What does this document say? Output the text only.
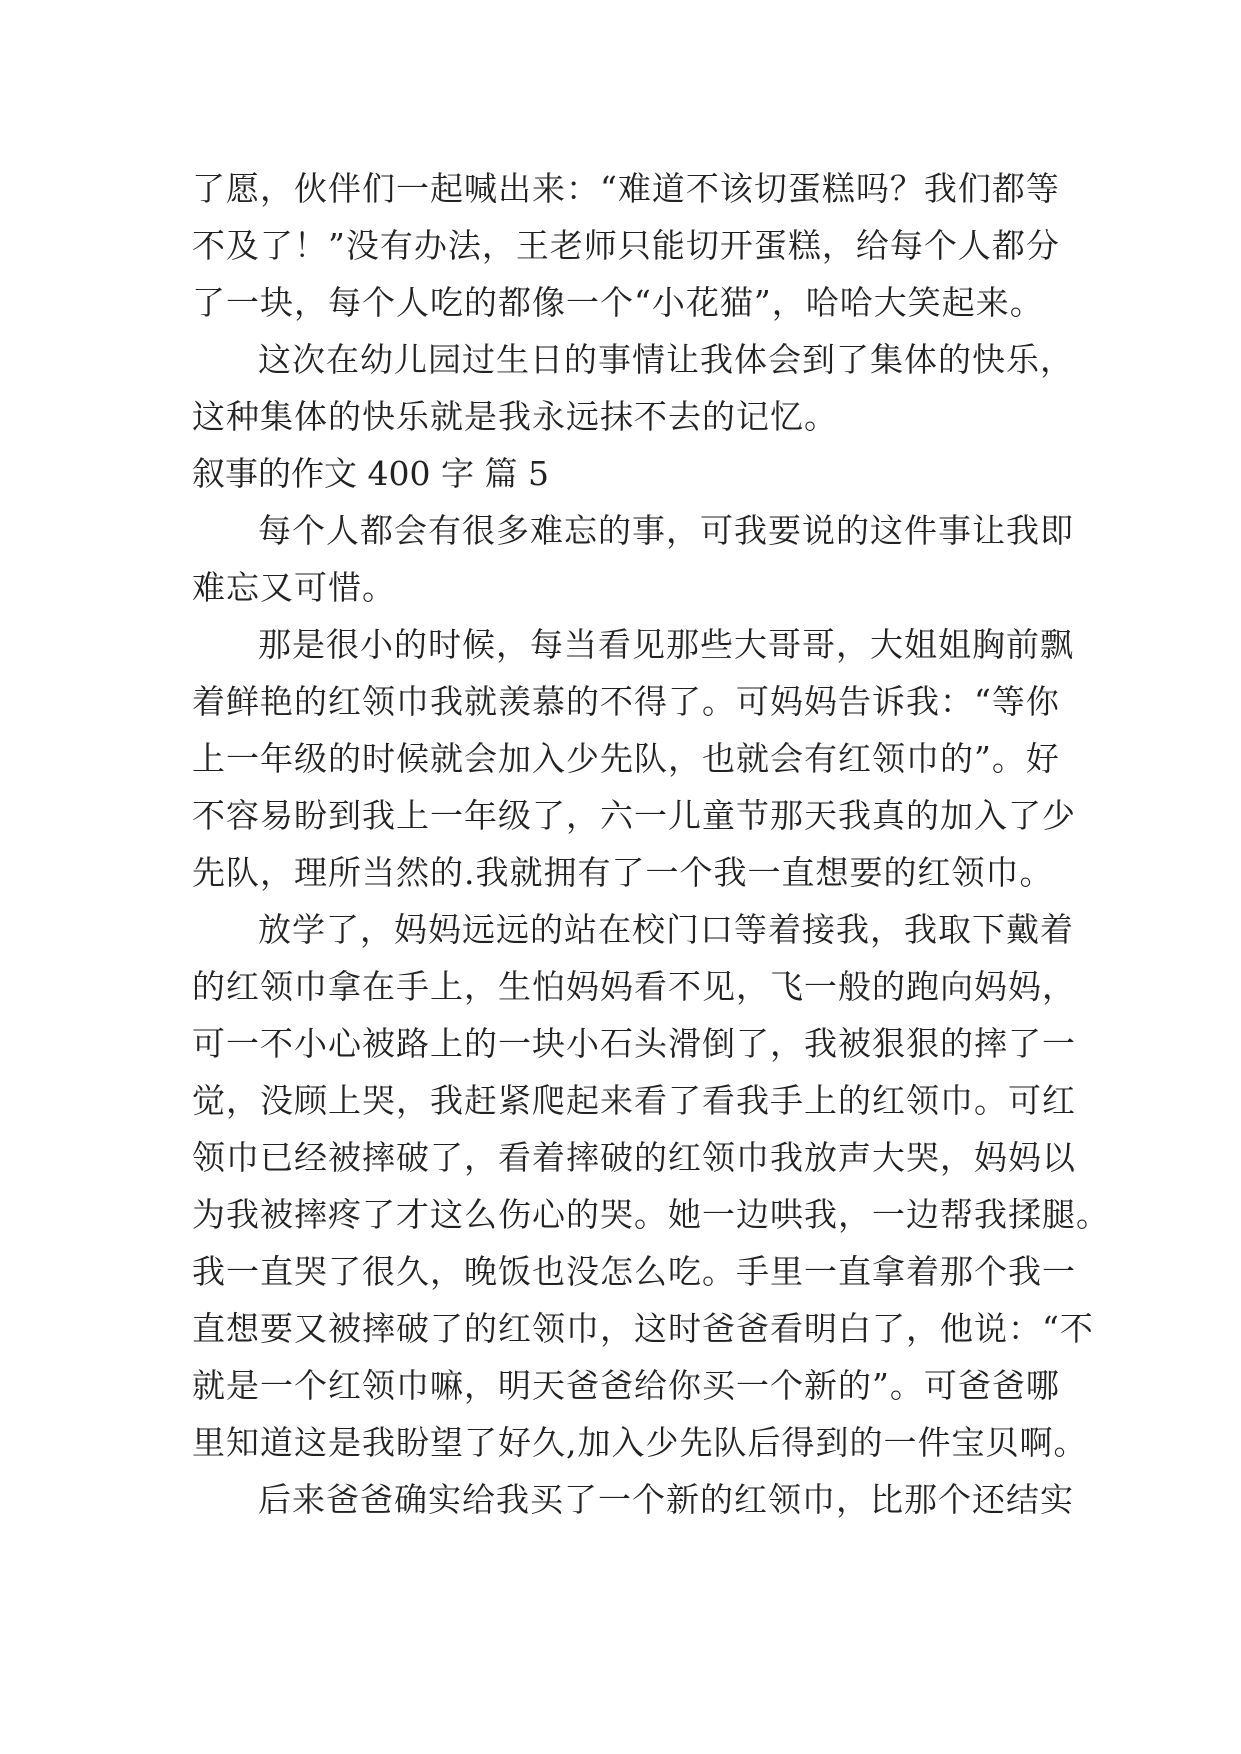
了愿，伙伴们一起喊出来：“难道不该切蛋糕吗？我们都等
不及了！”没有办法，王老师只能切开蛋糕，给每个人都分
了一块，每个人吃的都像一个“小花猫”，哈哈大笑起来。
这次在幼儿园过生日的事情让我体会到了集体的快乐，
这种集体的快乐就是我永远抹不去的记忆。
叙事的作文 400 字 篇 5
每个人都会有很多难忘的事，可我要说的这件事让我即
难忘又可惜。
那是很小的时候，每当看见那些大哥哥，大姐姐胸前飘
着鲜艳的红领巾我就羡慕的不得了。可妈妈告诉我：“等你
上一年级的时候就会加入少先队，也就会有红领巾的”。好
不容易盼到我上一年级了，六一儿童节那天我真的加入了少
先队，理所当然的.我就拥有了一个我一直想要的红领巾。
放学了，妈妈远远的站在校门口等着接我，我取下戴着
的红领巾拿在手上，生怕妈妈看不见，飞一般的跑向妈妈，
可一不小心被路上的一块小石头滑倒了，我被狠狠的摔了一
觉，没顾上哭，我赶紧爬起来看了看我手上的红领巾。可红
领巾已经被摔破了，看着摔破的红领巾我放声大哭，妈妈以
为我被摔疼了才这么伤心的哭。她一边哄我，一边帮我揉腿。
我一直哭了很久，晚饭也没怎么吃。手里一直拿着那个我一
直想要又被摔破了的红领巾，这时爸爸看明白了，他说：“不
就是一个红领巾嘛，明天爸爸给你买一个新的”。可爸爸哪
里知道这是我盼望了好久,加入少先队后得到的一件宝贝啊。
后来爸爸确实给我买了一个新的红领巾，比那个还结实
